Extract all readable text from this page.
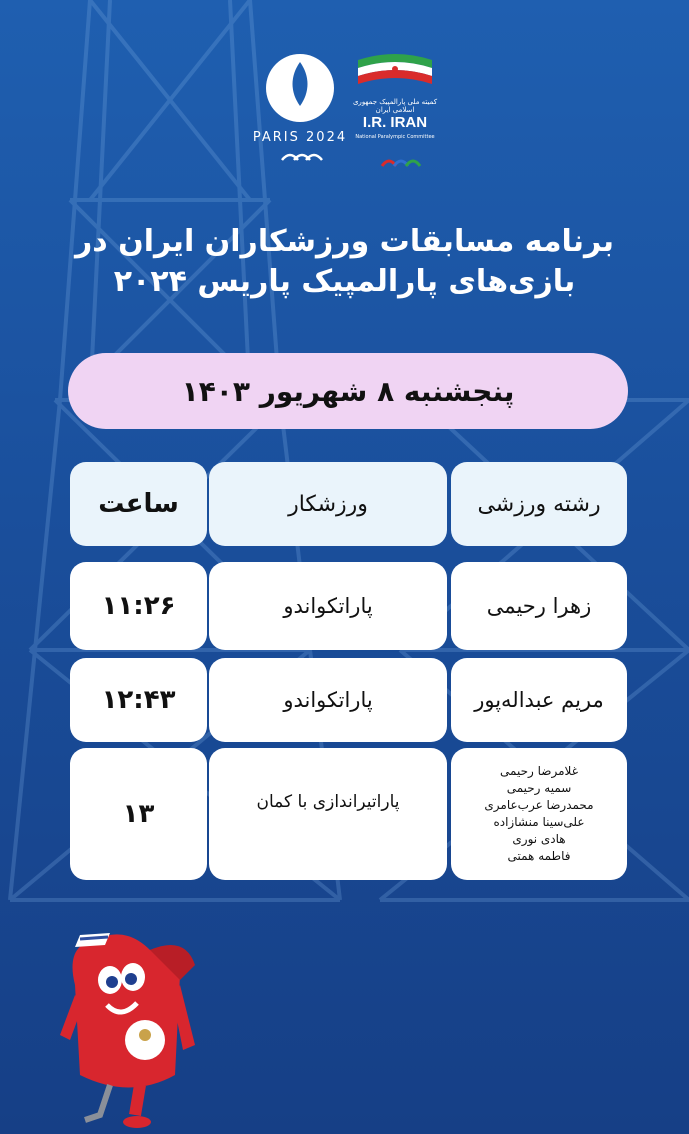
PARIS 2024
کمیته ملی پارالمپیک جمهوری اسلامی ایران
I.R. IRAN
National Paralympic Committee
برنامه مسابقات ورزشکاران ایران در
بازی‌های پارالمپیک پاریس ۲۰۲۴
پنجشنبه ۸ شهریور ۱۴۰۳
رشته ورزشی
ورزشکار
ساعت
زهرا رحیمی
پاراتکواندو
۱۱:۲۶
مریم عبداله‌پور
پاراتکواندو
۱۲:۴۳
غلامرضا رحیمی
سمیه رحیمی
محمدرضا عرب‌عامری
علی‌سینا منشازاده
هادی نوری
فاطمه همتی
پاراتیراندازی با کمان
۱۳
